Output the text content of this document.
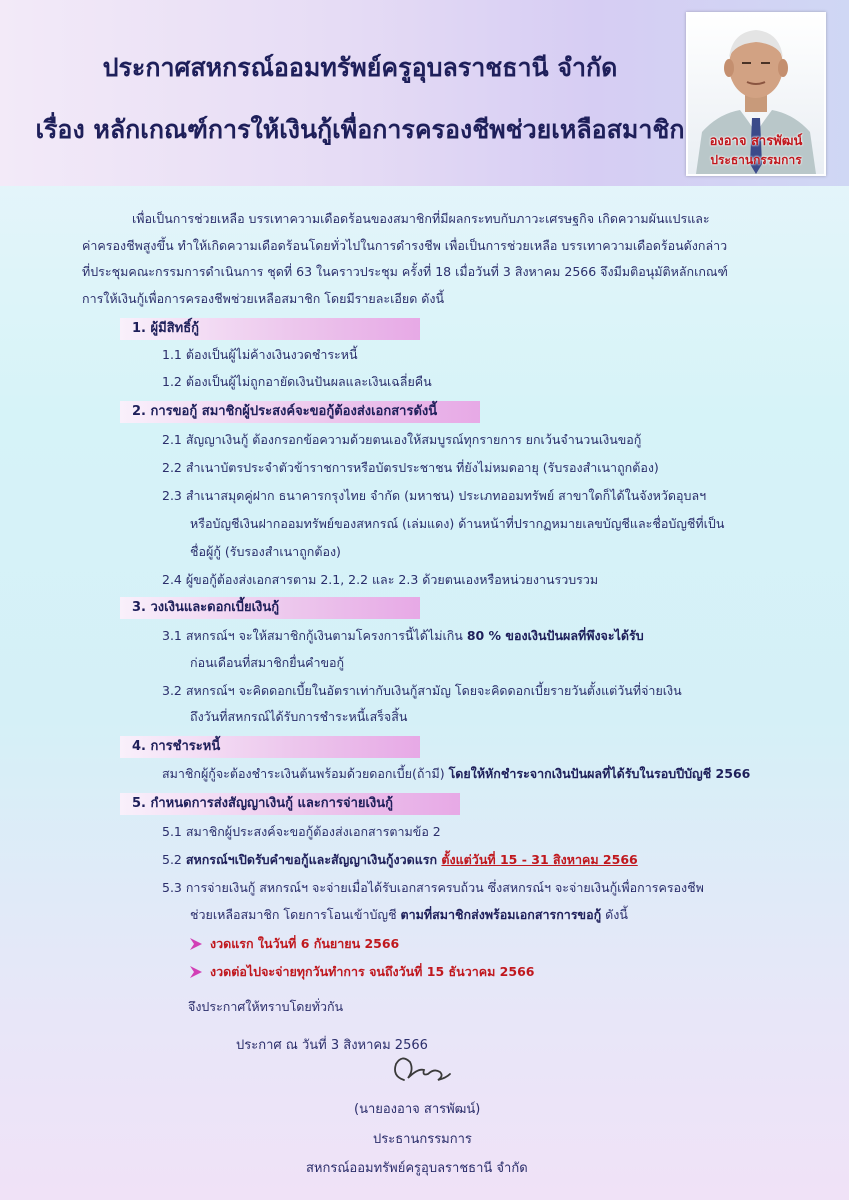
ประกาศสหกรณ์ออมทรัพย์ครูอุบลราชธานี จำกัด
เรื่อง หลักเกณฑ์การให้เงินกู้เพื่อการครองชีพช่วยเหลือสมาชิก	องอาจ สารพัฒน์
ประธานกรรมการ

เพื่อเป็นการช่วยเหลือ บรรเทาความเดือดร้อนของสมาชิกที่มีผลกระทบกับภาวะเศรษฐกิจ เกิดความผันแปรและ

ค่าครองชีพสูงขึ้น ทำให้เกิดความเดือดร้อนโดยทั่วไปในการดำรงชีพ เพื่อเป็นการช่วยเหลือ บรรเทาความเดือดร้อนดังกล่าว

ที่ประชุมคณะกรรมการดำเนินการ ชุดที่ 63 ในคราวประชุม ครั้งที่ 18 เมื่อวันที่ 3 สิงหาคม 2566 จึงมีมติอนุมัติหลักเกณฑ์

การให้เงินกู้เพื่อการครองชีพช่วยเหลือสมาชิก โดยมีรายละเอียด ดังนี้

1. ผู้มีสิทธิ์กู้
1.1 ต้องเป็นผู้ไม่ค้างเงินงวดชำระหนี้
1.2 ต้องเป็นผู้ไม่ถูกอายัดเงินปันผลและเงินเฉลี่ยคืน
2. การขอกู้ สมาชิกผู้ประสงค์จะขอกู้ต้องส่งเอกสารดังนี้
2.1 สัญญาเงินกู้ ต้องกรอกข้อความด้วยตนเองให้สมบูรณ์ทุกรายการ ยกเว้นจำนวนเงินขอกู้
2.2 สำเนาบัตรประจำตัวข้าราชการหรือบัตรประชาชน ที่ยังไม่หมดอายุ (รับรองสำเนาถูกต้อง)
2.3 สำเนาสมุดคู่ฝาก ธนาคารกรุงไทย จำกัด (มหาชน) ประเภทออมทรัพย์ สาขาใดก็ได้ในจังหวัดอุบลฯ
หรือบัญชีเงินฝากออมทรัพย์ของสหกรณ์ (เล่มแดง) ด้านหน้าที่ปรากฏหมายเลขบัญชีและชื่อบัญชีที่เป็น
ชื่อผู้กู้ (รับรองสำเนาถูกต้อง)
2.4 ผู้ขอกู้ต้องส่งเอกสารตาม 2.1, 2.2 และ 2.3 ด้วยตนเองหรือหน่วยงานรวบรวม
3. วงเงินและดอกเบี้ยเงินกู้
3.1 สหกรณ์ฯ จะให้สมาชิกกู้เงินตามโครงการนี้ได้ไม่เกิน 80 % ของเงินปันผลที่พึงจะได้รับ
ก่อนเดือนที่สมาชิกยื่นคำขอกู้
3.2 สหกรณ์ฯ จะคิดดอกเบี้ยในอัตราเท่ากับเงินกู้สามัญ โดยจะคิดดอกเบี้ยรายวันตั้งแต่วันที่จ่ายเงิน
ถึงวันที่สหกรณ์ได้รับการชำระหนี้เสร็จสิ้น
4. การชำระหนี้
สมาชิกผู้กู้จะต้องชำระเงินต้นพร้อมด้วยดอกเบี้ย(ถ้ามี) โดยให้หักชำระจากเงินปันผลที่ได้รับในรอบปีบัญชี 2566
5. กำหนดการส่งสัญญาเงินกู้ และการจ่ายเงินกู้
5.1 สมาชิกผู้ประสงค์จะขอกู้ต้องส่งเอกสารตามข้อ 2
5.2 สหกรณ์ฯเปิดรับคำขอกู้และสัญญาเงินกู้งวดแรก ตั้งแต่วันที่ 15 - 31 สิงหาคม 2566
5.3 การจ่ายเงินกู้ สหกรณ์ฯ จะจ่ายเมื่อได้รับเอกสารครบถ้วน ซึ่งสหกรณ์ฯ จะจ่ายเงินกู้เพื่อการครองชีพ
ช่วยเหลือสมาชิก โดยการโอนเข้าบัญชี ตามที่สมาชิกส่งพร้อมเอกสารการขอกู้ ดังนี้
งวดแรก ในวันที่ 6 กันยายน 2566
งวดต่อไปจะจ่ายทุกวันทำการ จนถึงวันที่ 15 ธันวาคม 2566
จึงประกาศให้ทราบโดยทั่วกัน
ประกาศ ณ วันที่ 3 สิงหาคม 2566
(นายองอาจ สารพัฒน์)
ประธานกรรมการ
สหกรณ์ออมทรัพย์ครูอุบลราชธานี จำกัด
